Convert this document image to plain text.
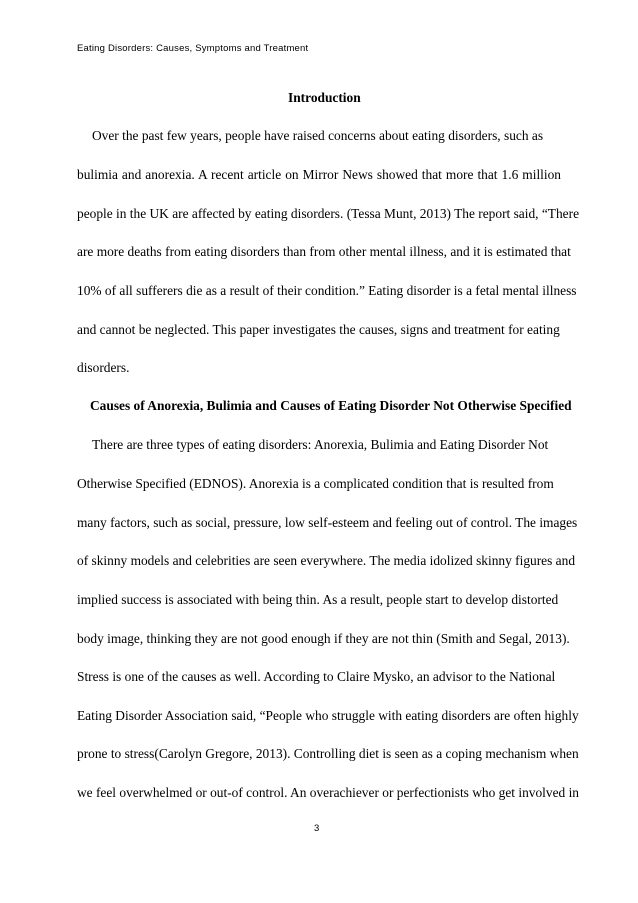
Eating Disorders: Causes, Symptoms and Treatment
Introduction
Over the past few years, people have raised concerns about eating disorders, such as
bulimia and anorexia. A recent article on Mirror News showed that more that 1.6 million
people in the UK are affected by eating disorders. (Tessa Munt, 2013) The report said, “There
are more deaths from eating disorders than from other mental illness, and it is estimated that
10% of all sufferers die as a result of their condition.” Eating disorder is a fetal mental illness
and cannot be neglected. This paper investigates the causes, signs and treatment for eating
disorders.
Causes of Anorexia, Bulimia and Causes of Eating Disorder Not Otherwise Specified
There are three types of eating disorders: Anorexia, Bulimia and Eating Disorder Not
Otherwise Specified (EDNOS). Anorexia is a complicated condition that is resulted from
many factors, such as social, pressure, low self-esteem and feeling out of control. The images
of skinny models and celebrities are seen everywhere. The media idolized skinny figures and
implied success is associated with being thin. As a result, people start to develop distorted
body image, thinking they are not good enough if they are not thin (Smith and Segal, 2013).
Stress is one of the causes as well. According to Claire Mysko, an advisor to the National
Eating Disorder Association said, “People who struggle with eating disorders are often highly
prone to stress(Carolyn Gregore, 2013). Controlling diet is seen as a coping mechanism when
we feel overwhelmed or out-of control. An overachiever or perfectionists who get involved in
3
